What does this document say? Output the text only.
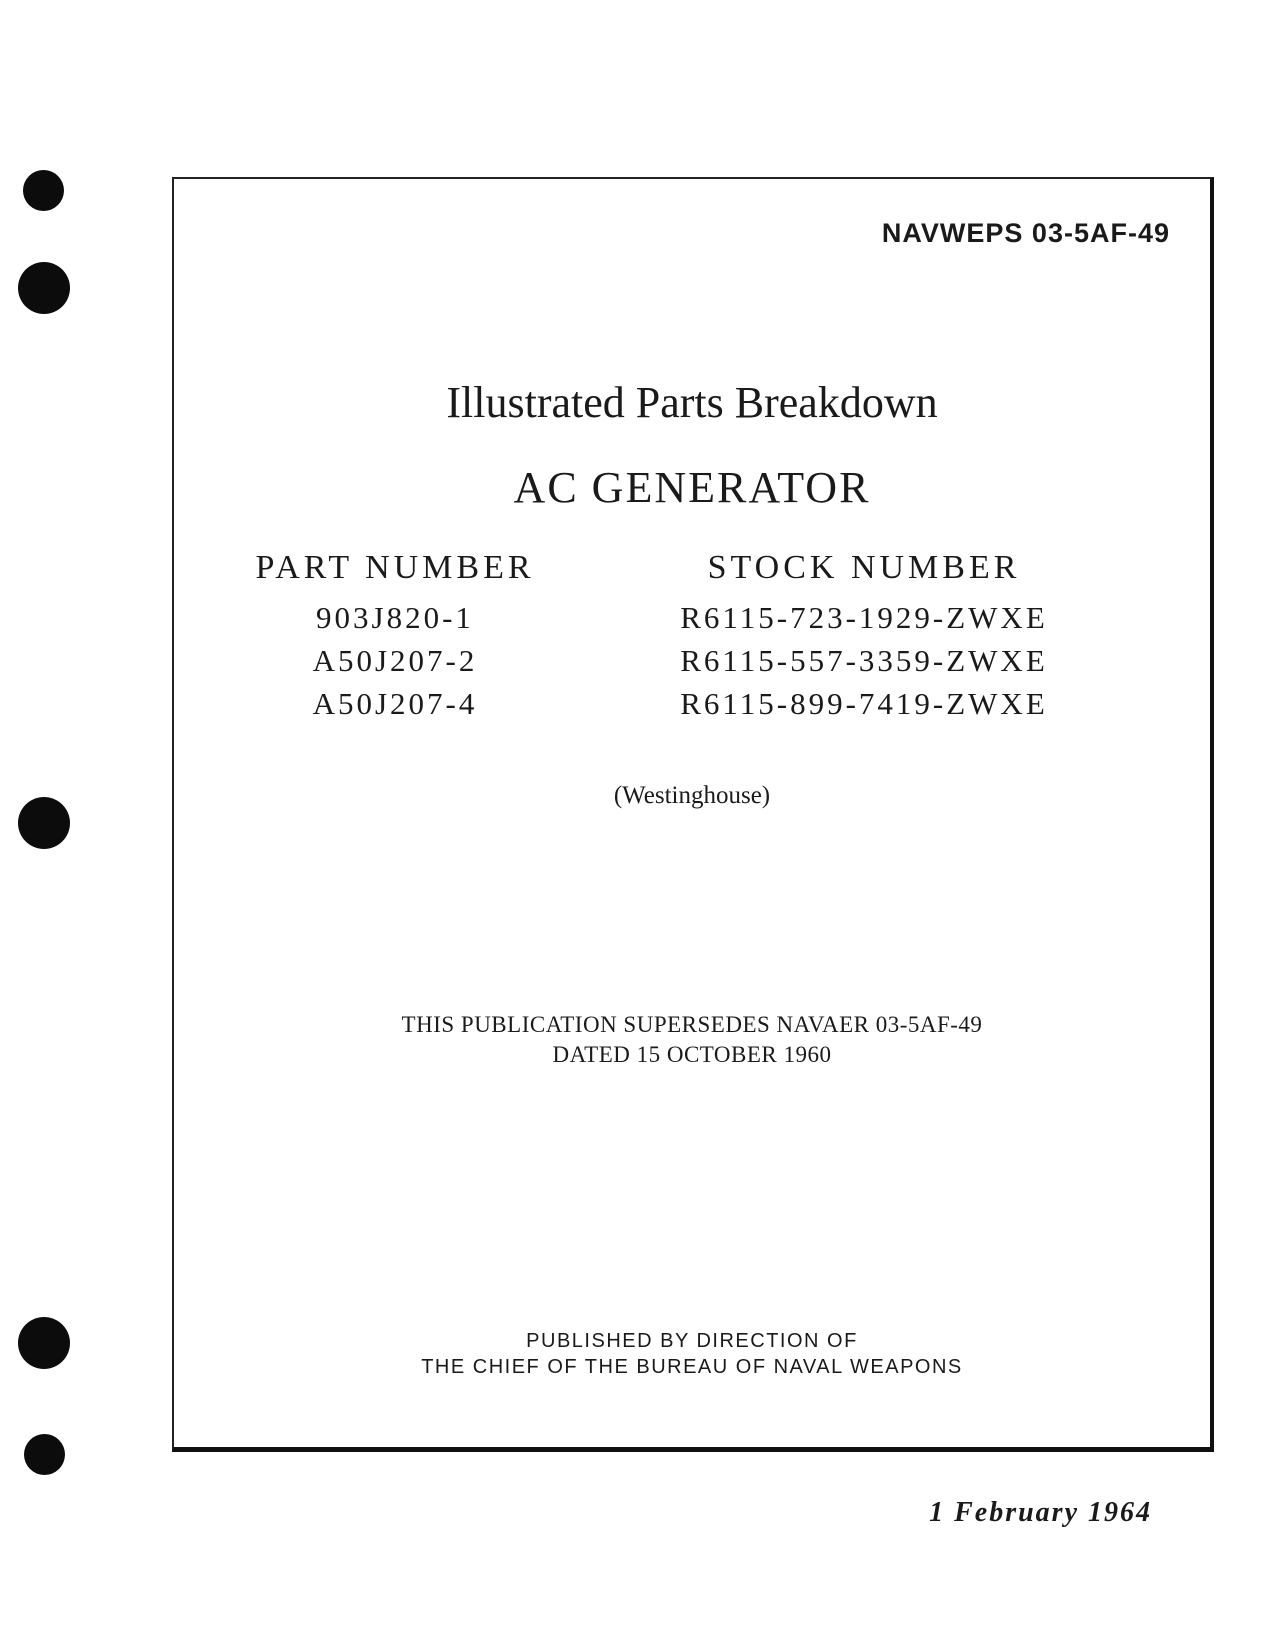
NAVWEPS 03-5AF-49
Illustrated Parts Breakdown
AC GENERATOR
PART NUMBER
903J820-1
A50J207-2
A50J207-4
STOCK NUMBER
R6115-723-1929-ZWXE
R6115-557-3359-ZWXE
R6115-899-7419-ZWXE
(Westinghouse)
THIS PUBLICATION SUPERSEDES NAVAER 03-5AF-49
DATED 15 OCTOBER 1960
PUBLISHED BY DIRECTION OF
THE CHIEF OF THE BUREAU OF NAVAL WEAPONS
1 February 1964
